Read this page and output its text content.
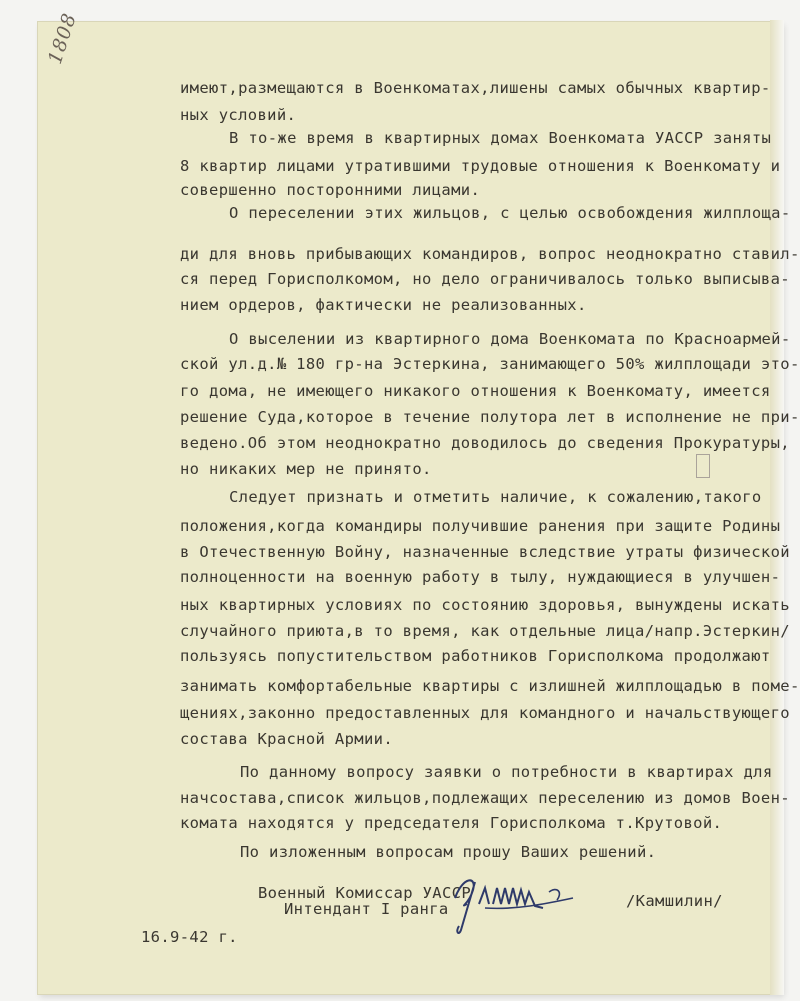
1808
имеют,размещаются в Военкоматах,лишены самых обычных квартир-
ных условий.
В то-же время в квартирных домах Военкомата УАССР заняты
8 квартир лицами утратившими трудовые отношения к Военкомату и
совершенно посторонними лицами.
О переселении этих жильцов, с целью освобождения жилплоща-
ди для вновь прибывающих командиров, вопрос неоднократно ставил-
ся перед Горисполкомом, но дело ограничивалось только выписыва-
нием ордеров, фактически не реализованных.
О выселении из квартирного дома Военкомата по Красноармей-
ской ул.д.№ 180 гр-на Эстеркина, занимающего 50% жилплощади это-
го дома, не имеющего никакого отношения к Военкомату, имеется
решение Суда,которое в течение полутора лет в исполнение не при-
ведено.Об этом неоднократно доводилось до сведения Прокуратуры,
но никаких мер не принято.
Следует признать и отметить наличие, к сожалению,такого
положения,когда командиры получившие ранения при защите Родины
в Отечественную Войну, назначенные вследствие утраты физической
полноценности на военную работу в тылу, нуждающиеся в улучшен-
ных квартирных условиях по состоянию здоровья, вынуждены искать
случайного приюта,в то время, как отдельные лица/напр.Эстеркин/
пользуясь попустительством работников Горисполкома продолжают
занимать комфортабельные квартиры с излишней жилплощадью в поме-
щениях,законно предоставленных для командного и начальствующего
состава Красной Армии.
По данному вопросу заявки о потребности в квартирах для
начсостава,список жильцов,подлежащих переселению из домов Воен-
комата находятся у председателя Горисполкома т.Крутовой.
По изложенным вопросам прошу Ваших решений.
Военный Комиссар УАССР
Интендант I ранга	/Камшилин/
16.9-42 г.
